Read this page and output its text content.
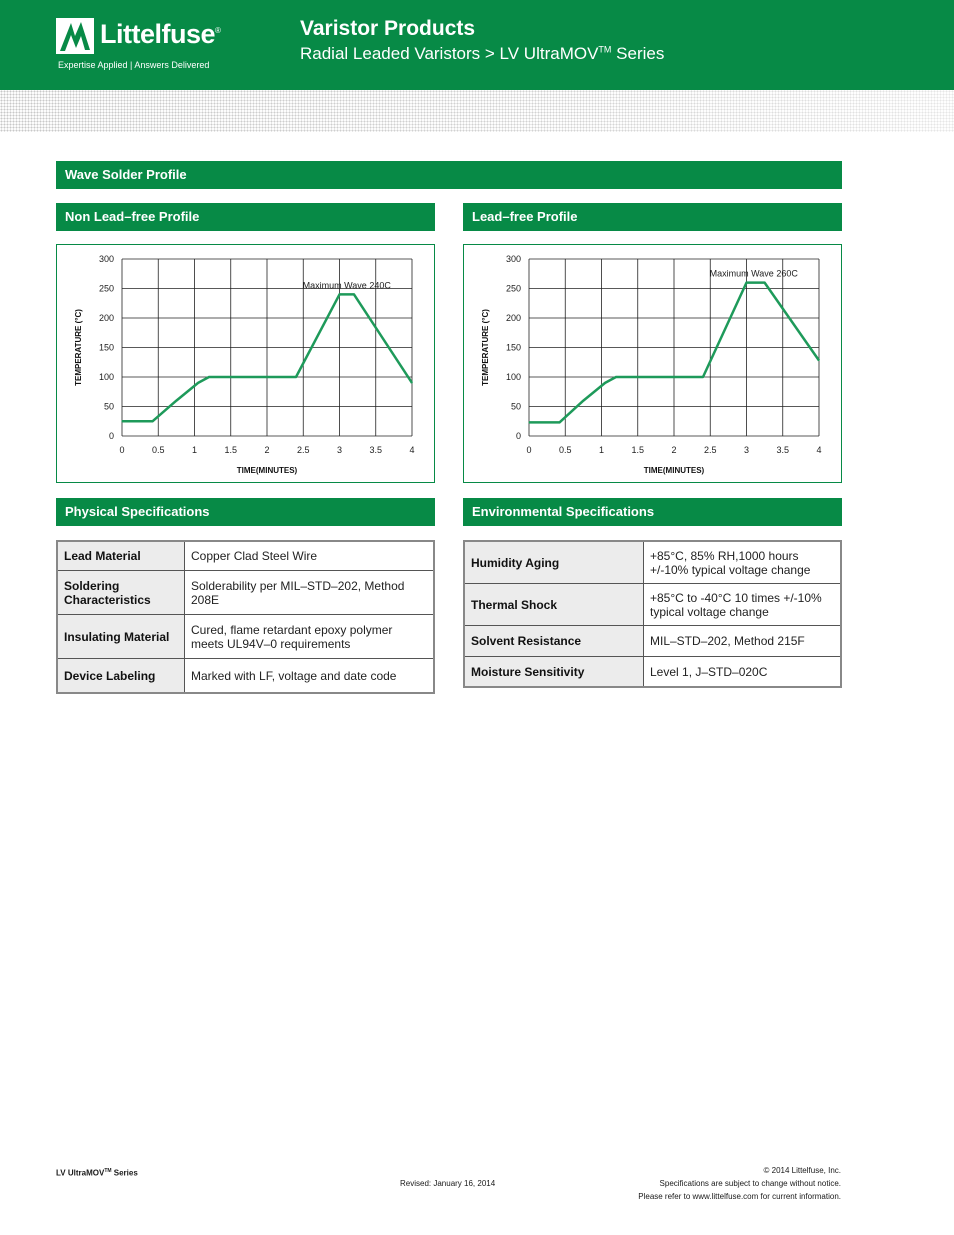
Littelfuse®
Expertise Applied | Answers Delivered
Varistor Products
Radial Leaded Varistors > LV UltraMOV™ Series
Wave Solder Profile
Non Lead–free Profile	Lead–free Profile
0	0.5	1	1.5	2	2.5	3	3.5	4
0
50
100
150
200
250
300
TIME(MINUTES)
TEMPERATURE (°C)
Maximum Wave 240C
0	0.5	1	1.5	2	2.5	3	3.5	4
0
50
100
150
200
250
300
TIME(MINUTES)
TEMPERATURE (°C)
Maximum Wave 260C
Physical Specifications	Environmental Specifications
Lead Material	Copper Clad Steel Wire
Soldering Characteristics	Solderability per MIL–STD–202, Method 208E
Insulating Material	Cured, flame retardant epoxy polymer meets UL94V–0 requirements
Device Labeling	Marked with LF, voltage and date code
Humidity Aging	+85°C, 85% RH,1000 hours +/-10% typical voltage change
Thermal Shock	+85°C to -40°C 10 times +/-10% typical voltage change
Solvent Resistance	MIL–STD–202, Method 215F
Moisture Sensitivity	Level 1, J–STD–020C
LV UltraMOV™ Series
Revised: January 16, 2014
© 2014 Littelfuse, Inc.
Specifications are subject to change without notice.
Please refer to www.littelfuse.com for current information.
